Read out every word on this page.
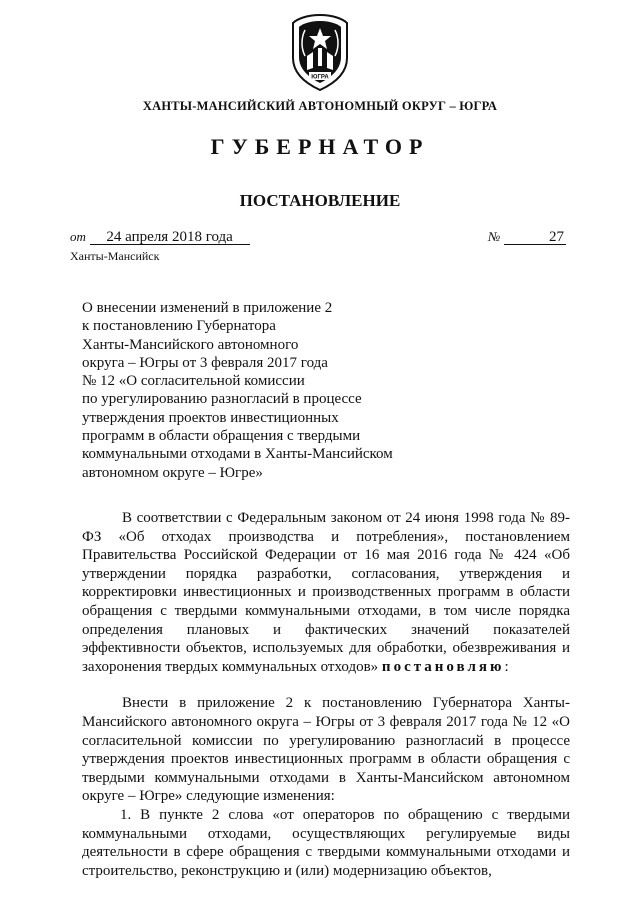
ЮГРА
ХАНТЫ-МАНСИЙСКИЙ АВТОНОМНЫЙ ОКРУГ – ЮГРА
ГУБЕРНАТОР
ПОСТАНОВЛЕНИЕ
от 24 апреля 2018 года	№	27
Ханты-Мансийск
О внесении изменений в приложение 2
к постановлению Губернатора
Ханты-Мансийского автономного
округа – Югры от 3 февраля 2017 года
№ 12 «О согласительной комиссии
по урегулированию разногласий в процессе
утверждения проектов инвестиционных
программ в области обращения с твердыми
коммунальными отходами в Ханты-Мансийском
автономном округе – Югре»

В соответствии с Федеральным законом от 24 июня 1998 года № 89-ФЗ «Об отходах производства и потребления», постановлением Правительства Российской Федерации от 16 мая 2016 года № 424 «Об утверждении порядка разработки, согласования, утверждения и корректировки инвестиционных и производственных программ в области обращения с твердыми коммунальными отходами, в том числе порядка определения плановых и фактических значений показателей эффективности объектов, используемых для обработки, обезвреживания и захоронения твердых коммунальных отходов» постановляю:

Внести в приложение 2 к постановлению Губернатора Ханты-Мансийского автономного округа – Югры от 3 февраля 2017 года № 12 «О согласительной комиссии по урегулированию разногласий в процессе утверждения проектов инвестиционных программ в области обращения с твердыми коммунальными отходами в Ханты-Мансийском автономном округе – Югре» следующие изменения:

1. В пункте 2 слова «от операторов по обращению с твердыми коммунальными отходами, осуществляющих регулируемые виды деятельности в сфере обращения с твердыми коммунальными отходами и строительство, реконструкцию и (или) модернизацию объектов,
